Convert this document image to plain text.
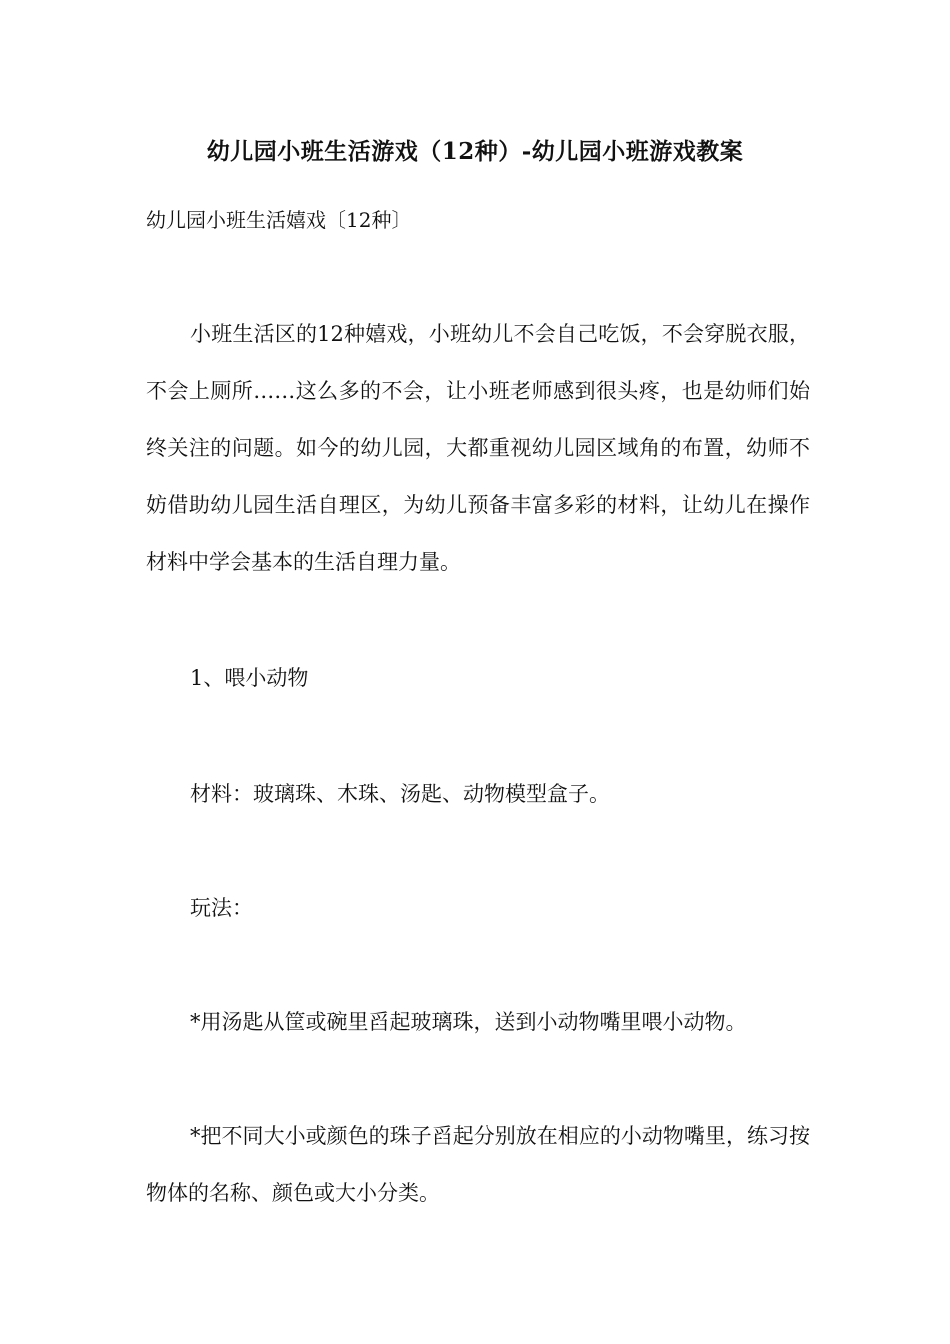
幼儿园小班生活游戏（12种）-幼儿园小班游戏教案
幼儿园小班生活嬉戏〔12种〕

小班生活区的12种嬉戏，小班幼儿不会自己吃饭，不会穿脱衣服，不会上厕所……这么多的不会，让小班老师感到很头疼，也是幼师们始终关注的问题。如今的幼儿园，大都重视幼儿园区域角的布置，幼师不妨借助幼儿园生活自理区，为幼儿预备丰富多彩的材料，让幼儿在操作材料中学会基本的生活自理力量。

1、喂小动物

材料：玻璃珠、木珠、汤匙、动物模型盒子。

玩法：

*用汤匙从筐或碗里舀起玻璃珠，送到小动物嘴里喂小动物。

*把不同大小或颜色的珠子舀起分别放在相应的小动物嘴里，练习按物体的名称、颜色或大小分类。
